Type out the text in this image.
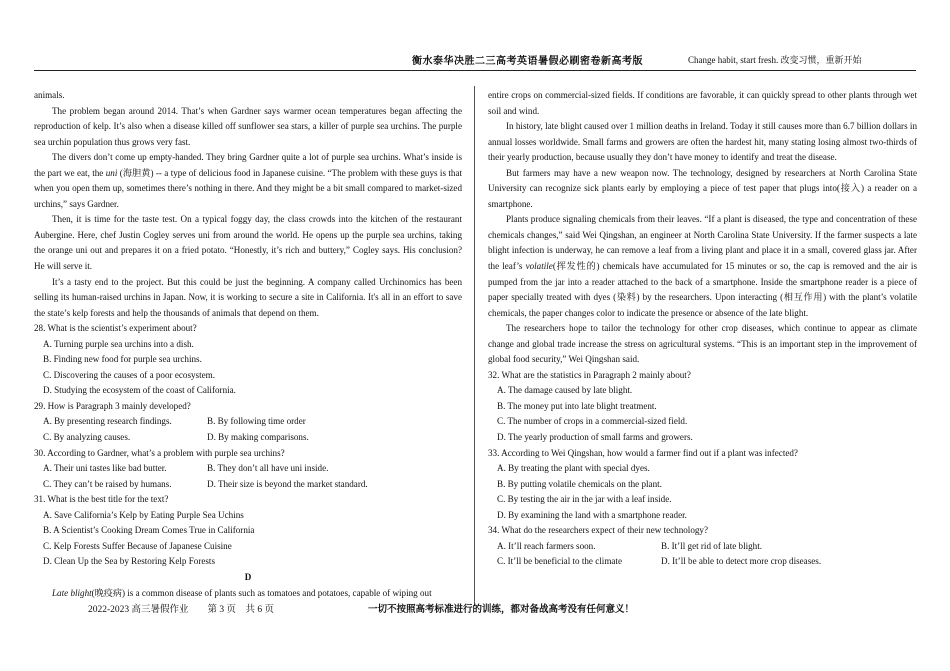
衡水泰华决胜二三高考英语暑假必刷密卷新高考版	Change habit, start fresh. 改变习惯，重新开始

animals.

The problem began around 2014. That’s when Gardner says warmer ocean temperatures began affecting the reproduction of kelp. It’s also when a disease killed off sunflower sea stars, a killer of purple sea urchins. The purple sea urchin population thus grows very fast.

The divers don’t come up empty-handed. They bring Gardner quite a lot of purple sea urchins. What’s inside is the part we eat, the uni (海胆黄) -- a type of delicious food in Japanese cuisine. “The problem with these guys is that when you open them up, sometimes there’s nothing in there. And they might be a bit small compared to market-sized urchins,” says Gardner.

Then, it is time for the taste test. On a typical foggy day, the class crowds into the kitchen of the restaurant Aubergine. Here, chef Justin Cogley serves uni from around the world. He opens up the purple sea urchins, taking the orange uni out and prepares it on a fried potato. “Honestly, it’s rich and buttery,” Cogley says. His conclusion? He will serve it.

It’s a tasty end to the project. But this could be just the beginning. A company called Urchinomics has been selling its human-raised urchins in Japan. Now, it is working to secure a site in California. It's all in an effort to save the state’s kelp forests and help the thousands of animals that depend on them.

28. What is the scientist’s experiment about?

A. Turning purple sea urchins into a dish.

B. Finding new food for purple sea urchins.

C. Discovering the causes of a poor ecosystem.

D. Studying the ecosystem of the coast of California.

29. How is Paragraph 3 mainly developed?

A. By presenting research findings.	B. By following time order
C. By analyzing causes.	D. By making comparisons.

30. According to Gardner, what’s a problem with purple sea urchins?

A. Their uni tastes like bad butter.	B. They don’t all have uni inside.
C. They can’t be raised by humans.	D. Their size is beyond the market standard.

31. What is the best title for the text?

A. Save California’s Kelp by Eating Purple Sea Uchins

B. A Scientist’s Cooking Dream Comes True in California

C. Kelp Forests Suffer Because of Japanese Cuisine

D. Clean Up the Sea by Restoring Kelp Forests

D

Late blight(晚疫病) is a common disease of plants such as tomatoes and potatoes, capable of wiping out

entire crops on commercial-sized fields. If conditions are favorable, it can quickly spread to other plants through wet soil and wind.

In history, late blight caused over 1 million deaths in Ireland. Today it still causes more than 6.7 billion dollars in annual losses worldwide. Small farms and growers are often the hardest hit, many stating losing almost two-thirds of their yearly production, because usually they don’t have money to identify and treat the disease.

But farmers may have a new weapon now. The technology, designed by researchers at North Carolina State University can recognize sick plants early by employing a piece of test paper that plugs into(接入) a reader on a smartphone.

Plants produce signaling chemicals from their leaves. “If a plant is diseased, the type and concentration of these chemicals changes,” said Wei Qingshan, an engineer at North Carolina State University. If the farmer suspects a late blight infection is underway, he can remove a leaf from a living plant and place it in a small, covered glass jar. After the leaf’s volatile(挥发性的) chemicals have accumulated for 15 minutes or so, the cap is removed and the air is pumped from the jar into a reader attached to the back of a smartphone. Inside the smartphone reader is a piece of paper specially treated with dyes (染料) by the researchers. Upon interacting (相互作用) with the plant’s volatile chemicals, the paper changes color to indicate the presence or absence of the late blight.

The researchers hope to tailor the technology for other crop diseases, which continue to appear as climate change and global trade increase the stress on agricultural systems. “This is an important step in the improvement of global food security,” Wei Qingshan said.

32. What are the statistics in Paragraph 2 mainly about?

A. The damage caused by late blight.

B. The money put into late blight treatment.

C. The number of crops in a commercial-sized field.

D. The yearly production of small farms and growers.

33. According to Wei Qingshan, how would a farmer find out if a plant was infected?

A. By treating the plant with special dyes.

B. By putting volatile chemicals on the plant.

C. By testing the air in the jar with a leaf inside.

D. By examining the land with a smartphone reader.

34. What do the researchers expect of their new technology?

A. It’ll reach farmers soon.	B. It’ll get rid of late blight.
C. It’ll be beneficial to the climate	D. It’ll be able to detect more crop diseases.
2022-2023 高三暑假作业        第 3 页    共 6 页	一切不按照高考标准进行的训练，都对备战高考没有任何意义！
